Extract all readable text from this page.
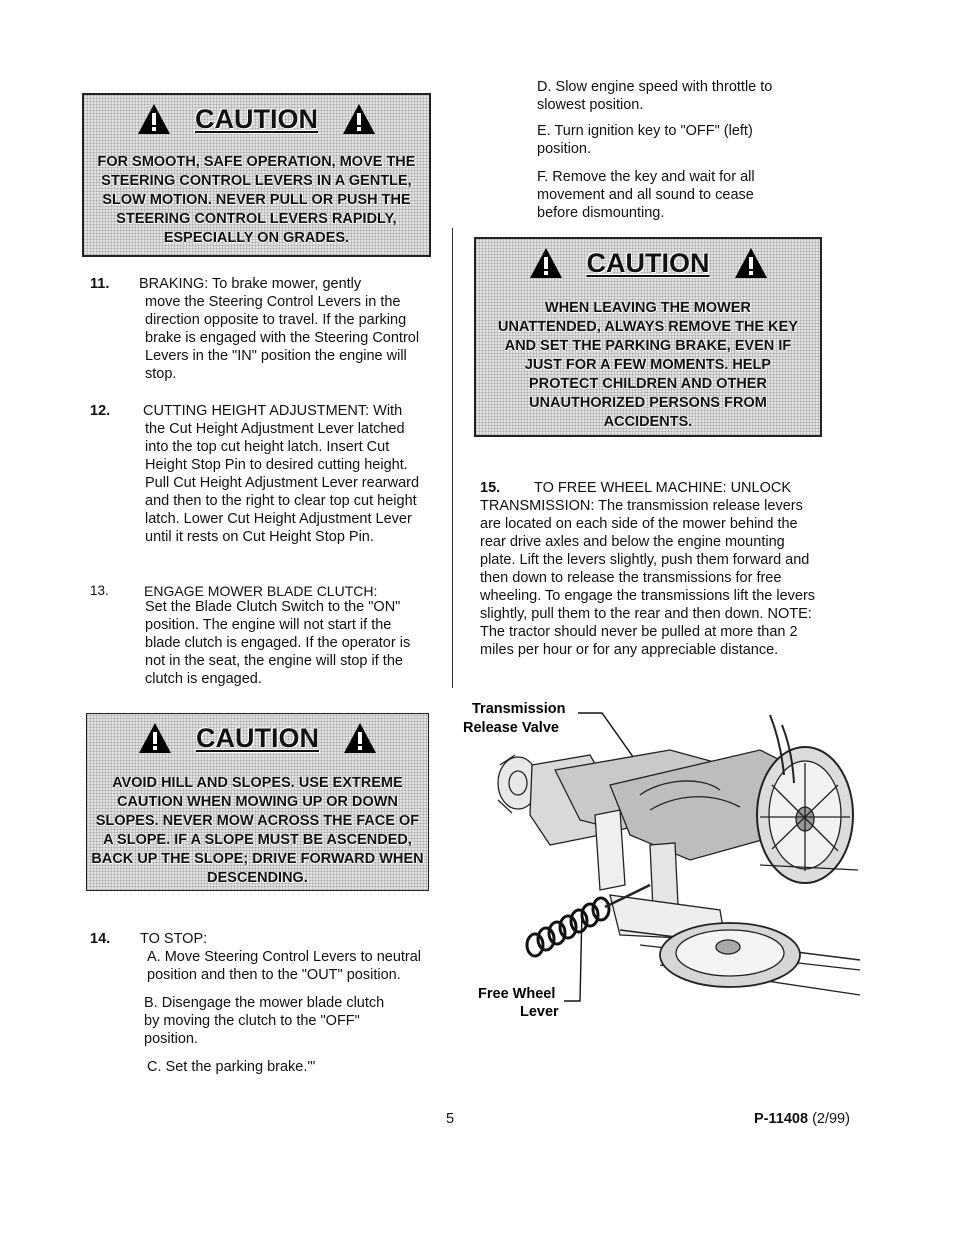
CAUTION
FOR SMOOTH, SAFE OPERATION, MOVE THE STEERING CONTROL LEVERS IN A GENTLE, SLOW MOTION. NEVER PULL OR PUSH THE STEERING CONTROL LEVERS RAPIDLY, ESPECIALLY ON GRADES.
11. BRAKING: To brake mower, gently
move the Steering Control Levers in the direction opposite to travel. If the parking brake is engaged with the Steering Control Levers in the "IN" position the engine will stop.
12. CUTTING HEIGHT ADJUSTMENT: With
the Cut Height Adjustment Lever latched into the top cut height latch. Insert Cut Height Stop Pin to desired cutting height. Pull Cut Height Adjustment Lever rearward and then to the right to clear top cut height latch. Lower Cut Height Adjustment Lever until it rests on Cut Height Stop Pin.
13.	ENGAGE MOWER BLADE CLUTCH:
Set the Blade Clutch Switch to the "ON" position. The engine will not start if the blade clutch is engaged. If the operator is not in the seat, the engine will stop if the clutch is engaged.
CAUTION
AVOID HILL AND SLOPES. USE EXTREME CAUTION WHEN MOWING UP OR DOWN SLOPES. NEVER MOW ACROSS THE FACE OF A SLOPE. IF A SLOPE MUST BE ASCENDED, BACK UP THE SLOPE; DRIVE FORWARD WHEN DESCENDING.
14. TO STOP:
A. Move Steering Control Levers to neutral position and then to the "OUT" position.
B. Disengage the mower blade clutch by moving the clutch to the "OFF" position.
C. Set the parking brake.'"
D. Slow engine speed with throttle to slowest position.
E. Turn ignition key to "OFF" (left) position.
F. Remove the key and wait for all movement and all sound to cease before dismounting.
CAUTION
WHEN LEAVING THE MOWER UNATTENDED, ALWAYS REMOVE THE KEY AND SET THE PARKING BRAKE, EVEN IF JUST FOR A FEW MOMENTS. HELP PROTECT CHILDREN AND OTHER UNAUTHORIZED PERSONS FROM ACCIDENTS.
15. TO FREE WHEEL MACHINE: UNLOCK
TRANSMISSION: The transmission release levers are located on each side of the mower behind the rear drive axles and below the engine mounting plate. Lift the levers slightly, push them forward and then down to release the transmissions for free wheeling. To engage the transmissions lift the levers slightly, pull them to the rear and then down. NOTE: The tractor should never be pulled at more than 2 miles per hour or for any appreciable distance.
Transmission
Release Valve
Free Wheel
Lever
5	P-11408 (2/99)
